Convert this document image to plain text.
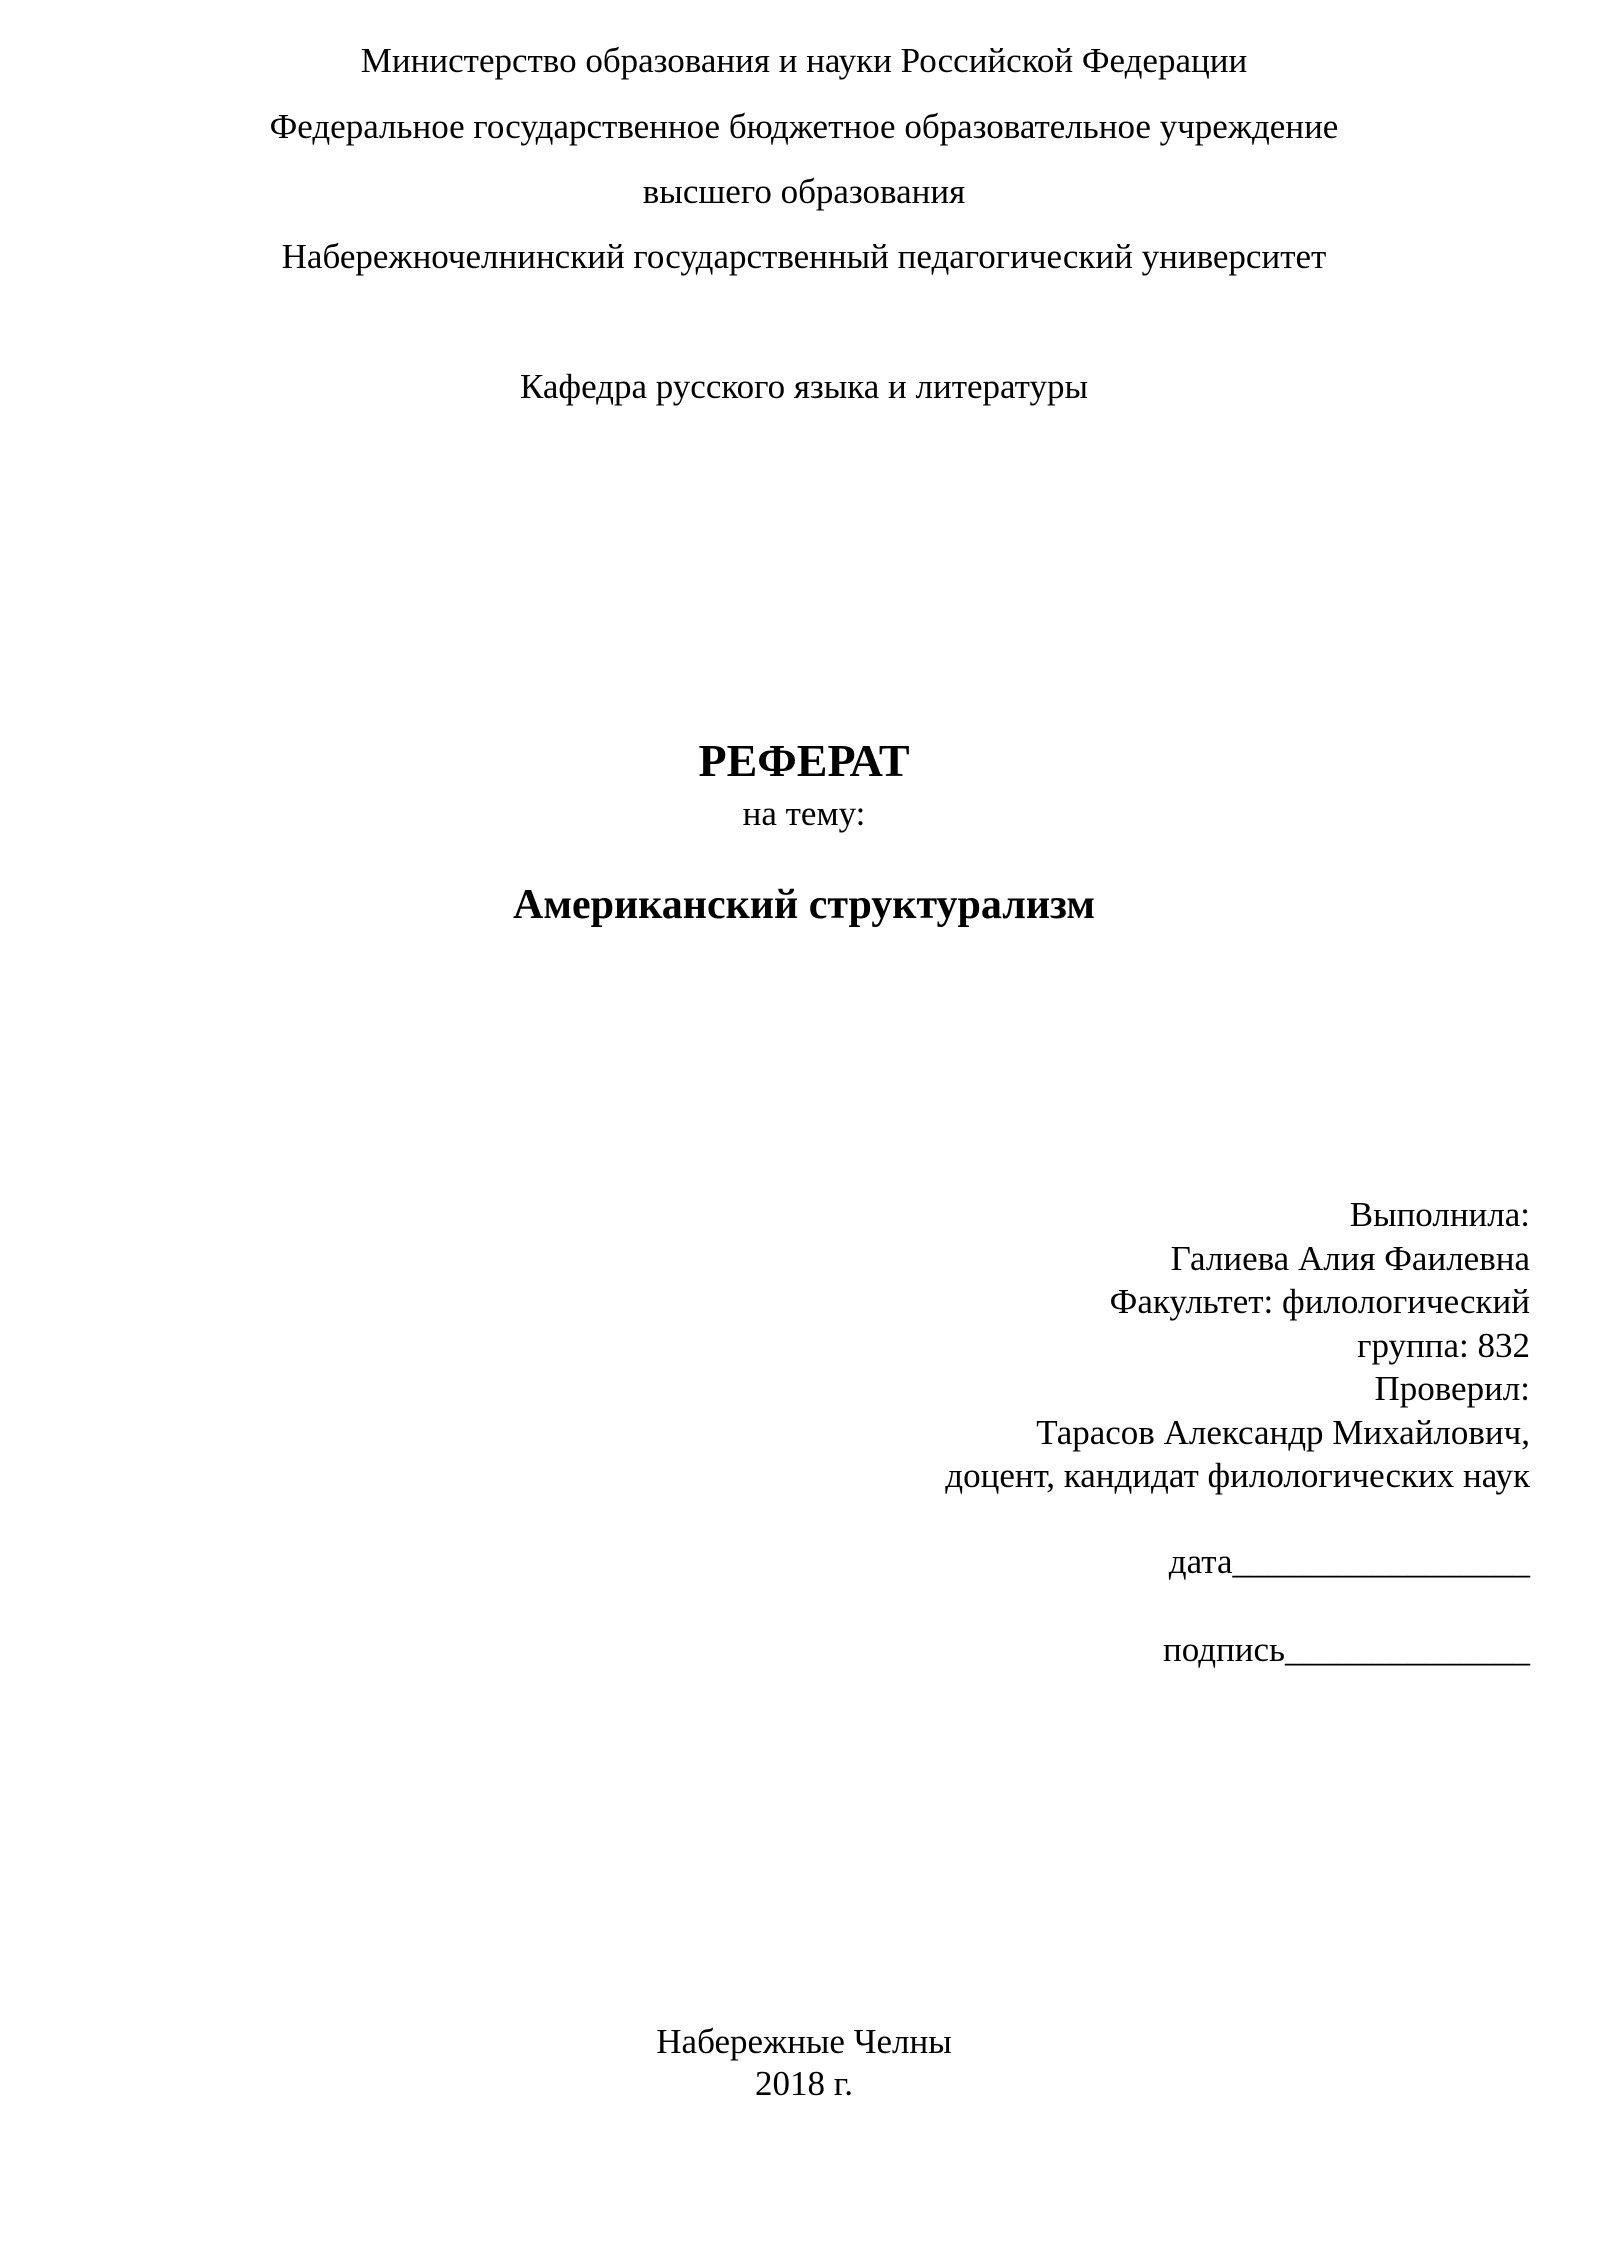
Министерство образования и науки Российской Федерации
Федеральное государственное бюджетное образовательное учреждение
высшего образования
Набережночелнинский государственный педагогический университет
Кафедра русского языка и литературы
РЕФЕРАТ
на тему:
Американский структурализм
Выполнила:
Галиева Алия Фаилевна
Факультет: филологический
группа: 832
Проверил:
Тарасов Александр Михайлович,
доцент, кандидат филологических наук
дата_________________
подпись______________
Набережные Челны
2018 г.
